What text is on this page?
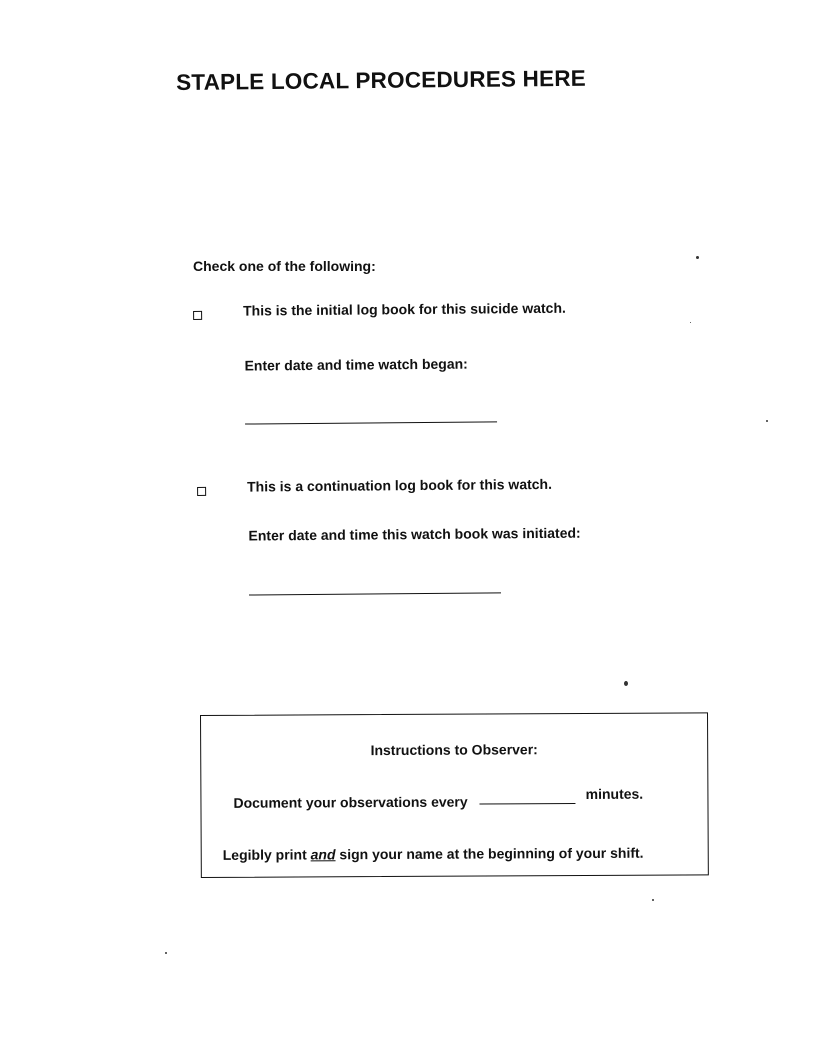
STAPLE LOCAL PROCEDURES HERE
Check one of the following:
This is the initial log book for this suicide watch.
Enter date and time watch began:
This is a continuation log book for this watch.
Enter date and time this watch book was initiated:
Instructions to Observer:
Document your observations every	minutes.
Legibly print and sign your name at the beginning of your shift.
